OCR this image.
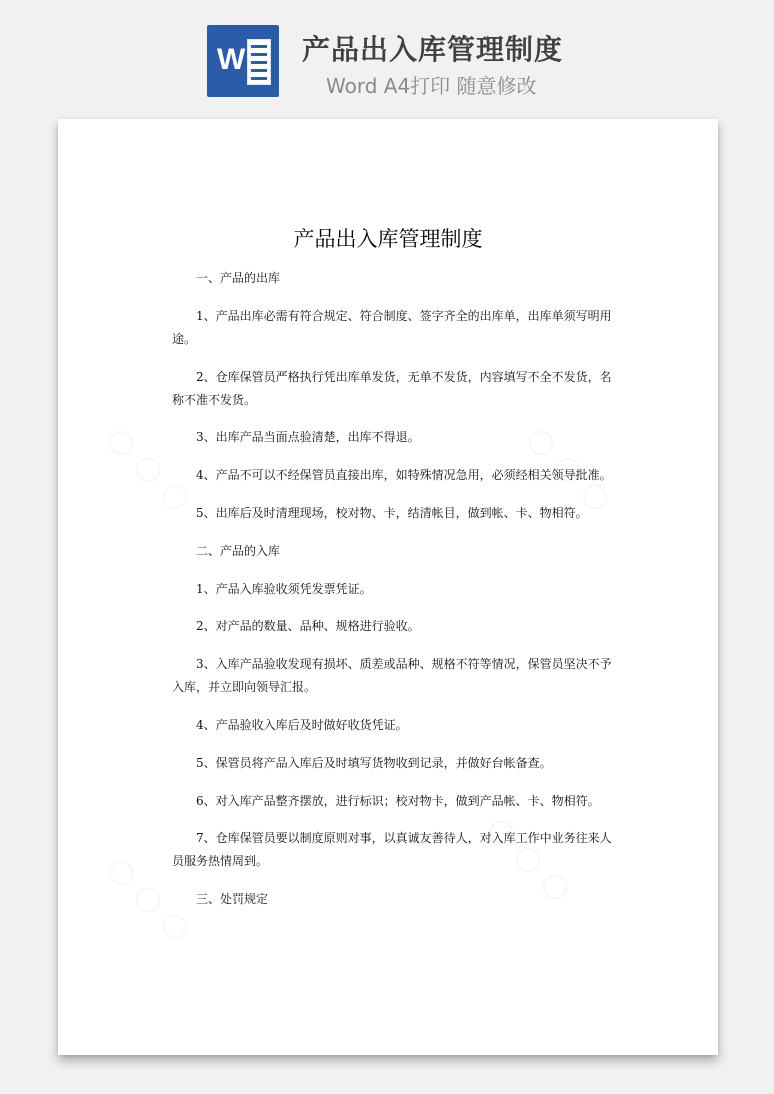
W 产品出入库管理制度
Word A4打印 随意修改
产品出入库管理制度

一、产品的出库

1、产品出库必需有符合规定、符合制度、签字齐全的出库单，出库单须写明用途。

2、仓库保管员严格执行凭出库单发货，无单不发货，内容填写不全不发货，名称不准不发货。

3、出库产品当面点验清楚，出库不得退。

4、产品不可以不经保管员直接出库，如特殊情况急用，必须经相关领导批准。

5、出库后及时清理现场，校对物、卡，结清帐目，做到帐、卡、物相符。

二、产品的入库

1、产品入库验收须凭发票凭证。

2、对产品的数量、品种、规格进行验收。

3、入库产品验收发现有损坏、质差或品种、规格不符等情况，保管员坚决不予入库，并立即向领导汇报。

4、产品验收入库后及时做好收货凭证。

5、保管员将产品入库后及时填写货物收到记录，并做好台帐备查。

6、对入库产品整齐摆放，进行标识；校对物卡，做到产品帐、卡、物相符。

7、仓库保管员要以制度原则对事，以真诚友善待人，对入库工作中业务往来人员服务热情周到。

三、处罚规定
